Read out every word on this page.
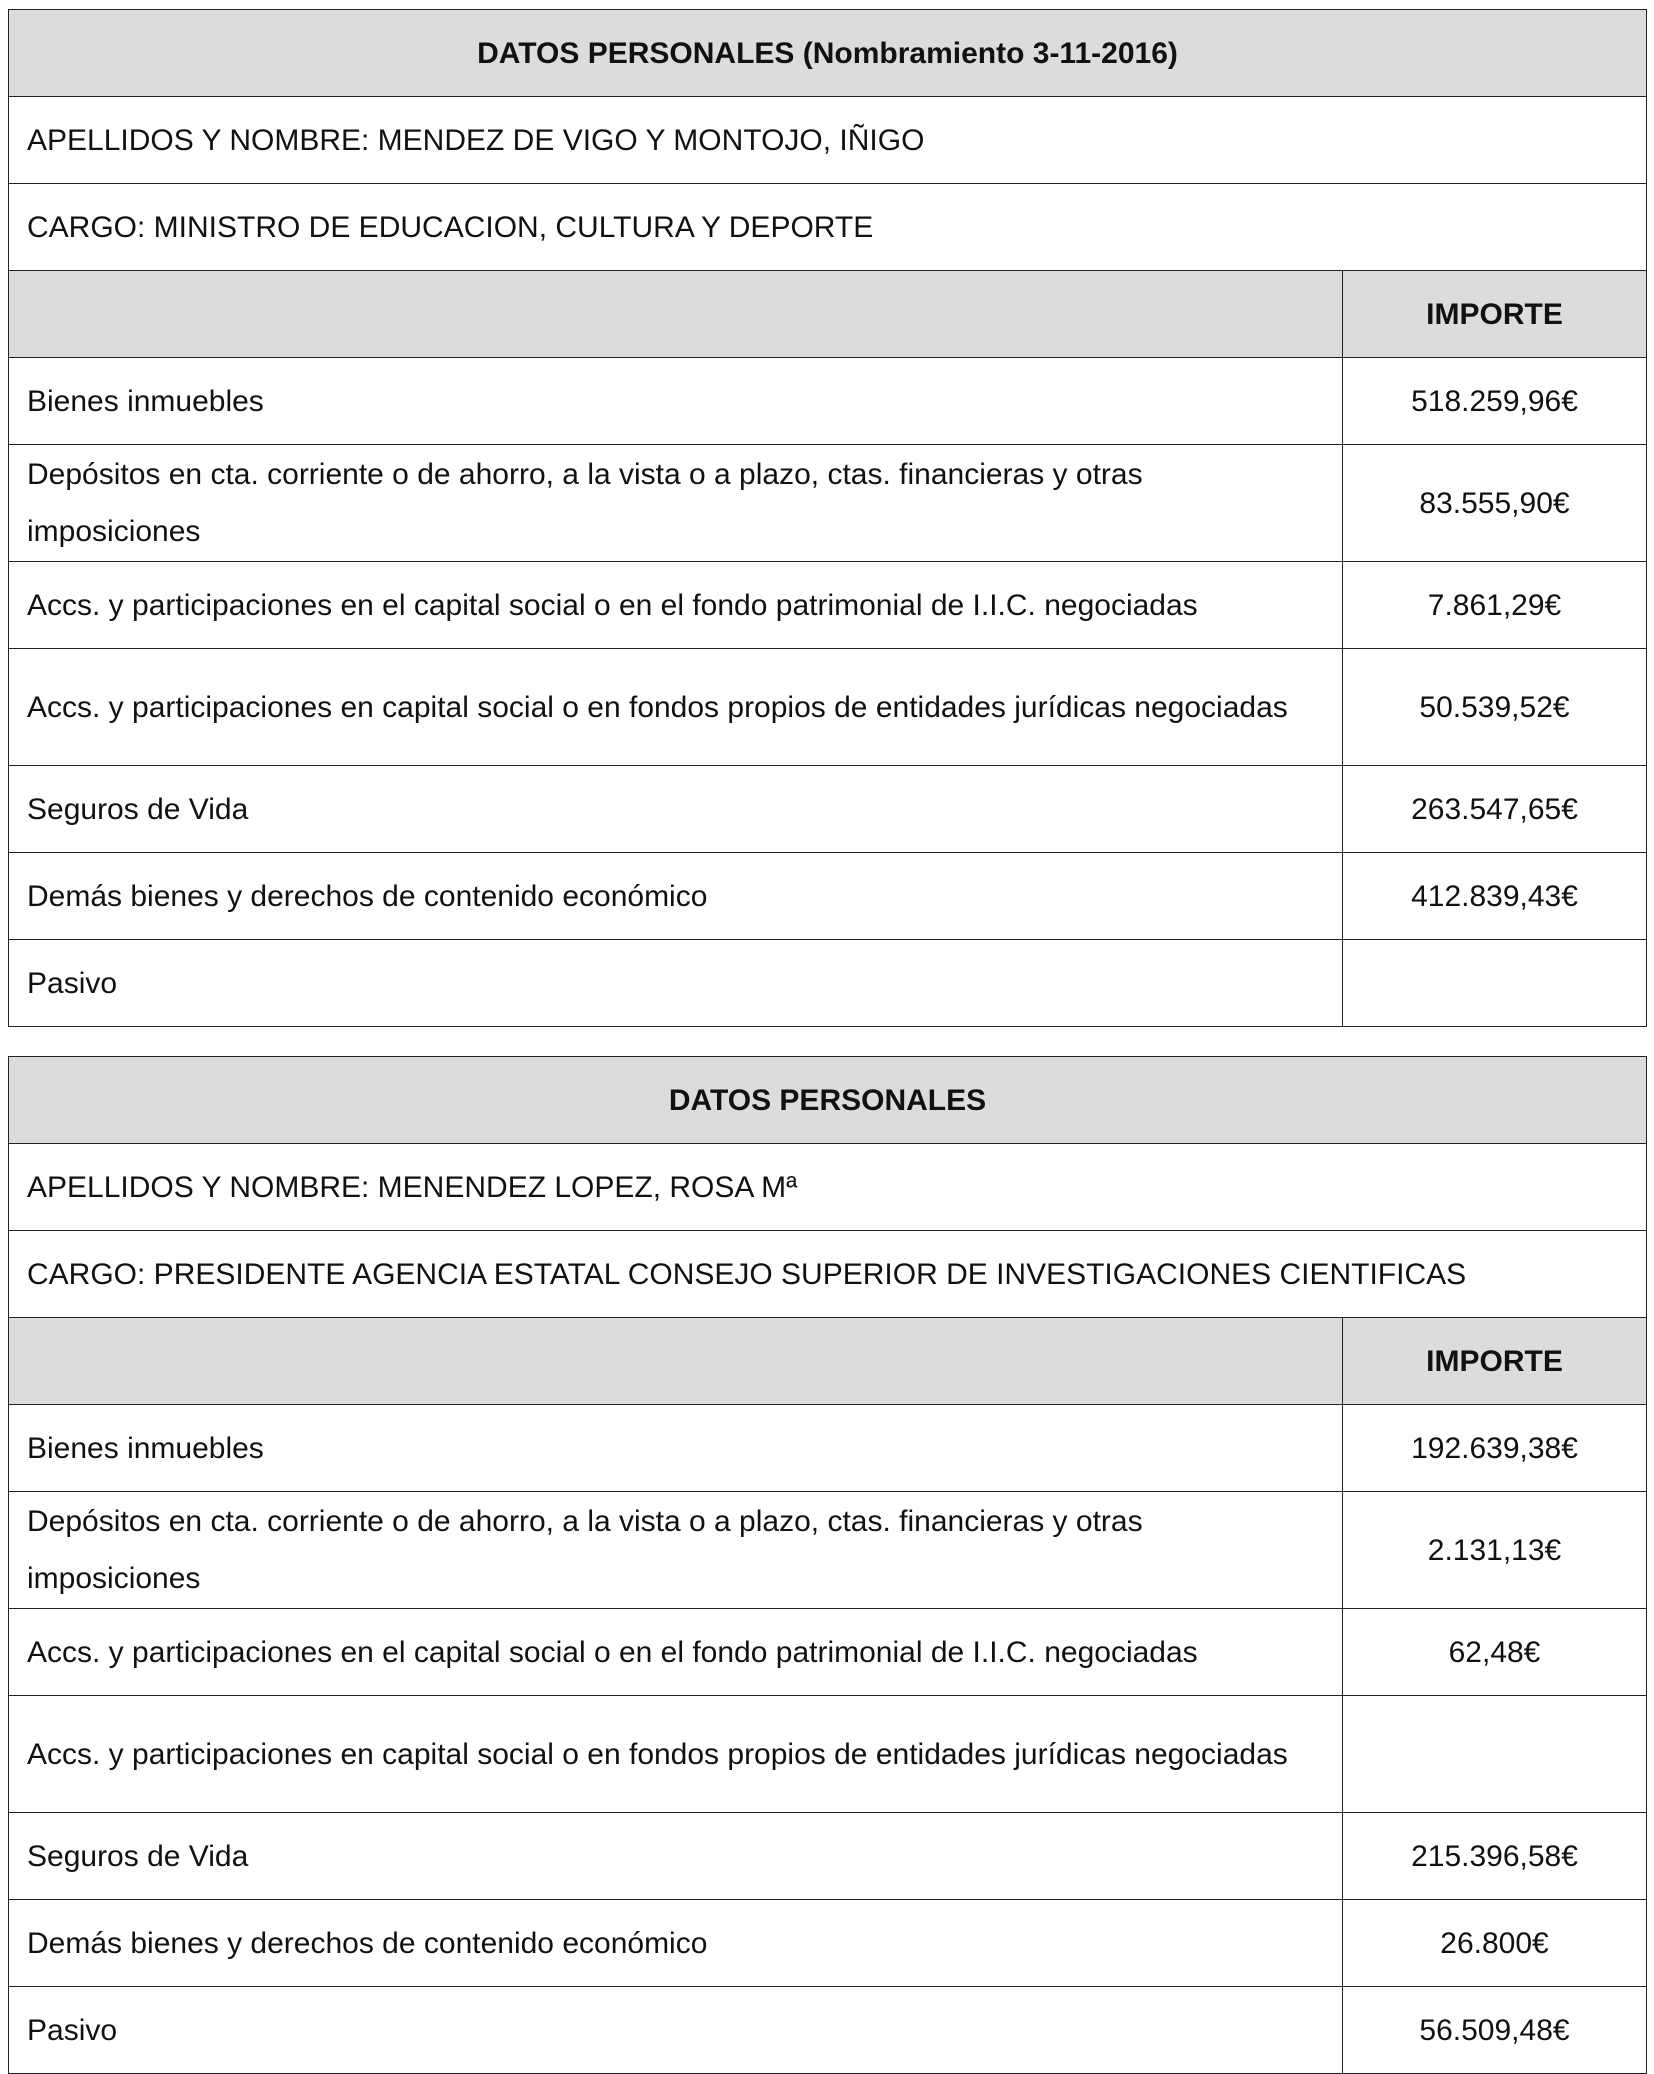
DATOS PERSONALES (Nombramiento 3-11-2016)	
APELLIDOS Y NOMBRE: MENDEZ DE VIGO Y MONTOJO, IÑIGO	
CARGO: MINISTRO DE EDUCACION, CULTURA Y DEPORTE	
	IMPORTE
Bienes inmuebles	518.259,96€
Depósitos en cta. corriente o de ahorro, a la vista o a plazo, ctas. financieras y otras imposiciones	83.555,90€
Accs. y participaciones en el capital social o en el fondo patrimonial de I.I.C. negociadas	7.861,29€
Accs. y participaciones en capital social o en fondos propios de entidades jurídicas negociadas	50.539,52€
Seguros de Vida	263.547,65€
Demás bienes y derechos de contenido económico	412.839,43€
Pasivo	
DATOS PERSONALES	
APELLIDOS Y NOMBRE: MENENDEZ LOPEZ, ROSA Mª	
CARGO: PRESIDENTE AGENCIA ESTATAL CONSEJO SUPERIOR DE INVESTIGACIONES CIENTIFICAS	
	IMPORTE
Bienes inmuebles	192.639,38€
Depósitos en cta. corriente o de ahorro, a la vista o a plazo, ctas. financieras y otras imposiciones	2.131,13€
Accs. y participaciones en el capital social o en el fondo patrimonial de I.I.C. negociadas	62,48€
Accs. y participaciones en capital social o en fondos propios de entidades jurídicas negociadas	
Seguros de Vida	215.396,58€
Demás bienes y derechos de contenido económico	26.800€
Pasivo	56.509,48€
